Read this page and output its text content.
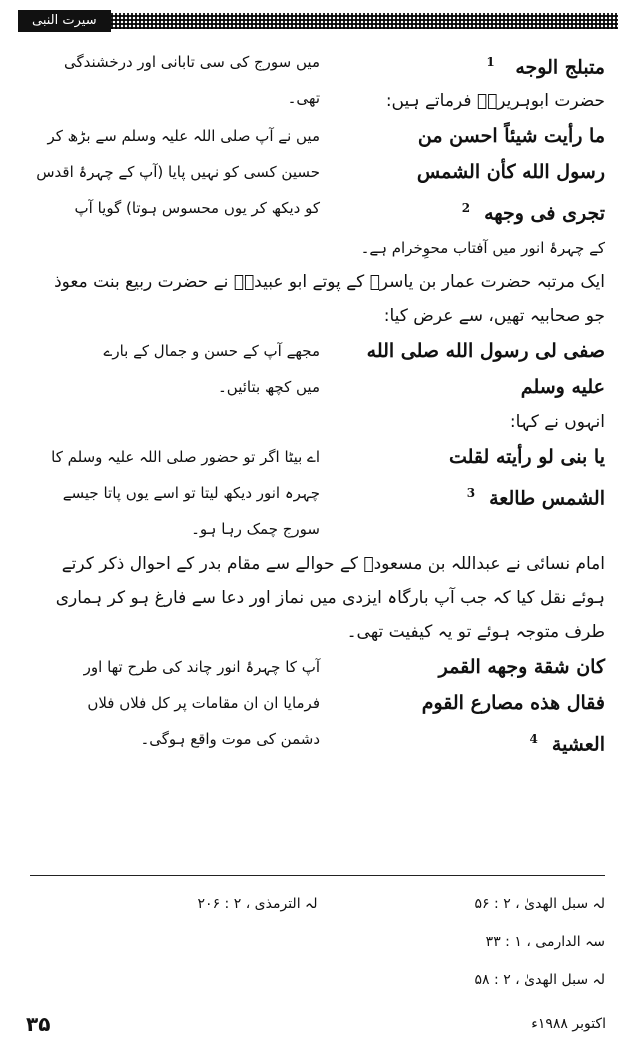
سیرت النبی
متبلج الوجه $^1$
میں سورج کی سی تابانی اور درخشندگی تھی۔	حضرت ابوہریرہؓ فرماتے ہیں:

ما رأیت شیئاً احسن من
رسول الله كأن الشمس
تجری فی وجهه$^2$
میں نے آپ صلی اللہ علیہ وسلم سے بڑھ کر
حسین کسی کو نہیں پایا (آپ کے چہرۂ اقدس
کو دیکھ کر یوں محسوس ہوتا) گویا آپ

کے چہرۂ انور میں آفتاب محوِخرام ہے۔

ایک مرتبہ حضرت عمار بن یاسرؓ کے پوتے ابو عبیدہؒ نے حضرت ربیع بنت معوذ جو صحابیہ تھیں، سے عرض کیا:

صفی لی رسول الله صلی الله
علیه وسلم
مجھے آپ کے حسن و جمال کے بارے
میں کچھ بتائیں۔

انہوں نے کہا:

یا بنی لو رأیته لقلت
الشمس طالعة$^3$
اے بیٹا اگر تو حضور صلی اللہ علیہ وسلم کا
چہرہ انور دیکھ لیتا تو اسے یوں پاتا جیسے
سورج چمک رہا ہو۔

امام نسائی نے عبداللہ بن مسعودؓ کے حوالے سے مقام بدر کے احوال ذکر کرتے ہوئے نقل کیا کہ جب آپ بارگاہ ایزدی میں نماز اور دعا سے فارغ ہو کر ہماری طرف متوجہ ہوئے تو یہ کیفیت تھی۔

كان شقة وجهه القمر
فقال هذه مصارع القوم
العشية$^4$
آپ کا چہرۂ انور چاند کی طرح تھا اور
فرمایا ان ان مقامات پر کل فلاں فلاں
دشمن کی موت واقع ہوگی۔
لہ سبل الهدیٰ ، ۲ : ۵۶
لہ الترمذی ، ۲ : ۲۰۶
سہ الدارمی ، ۱ : ۳۳
لہ سبل الهدیٰ ، ۲ : ۵۸
۳۵	اکتوبر ۱۹۸۸ء
